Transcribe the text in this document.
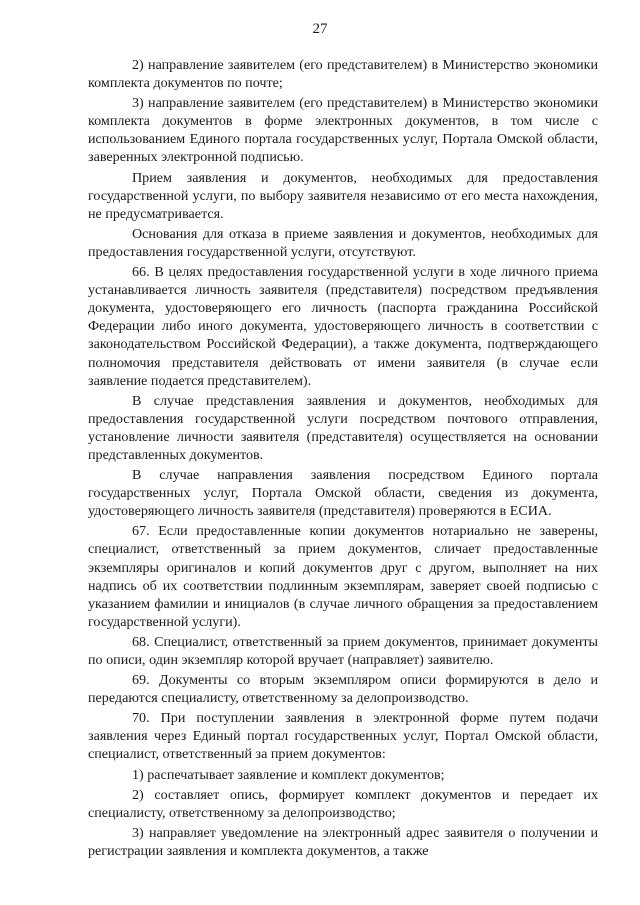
27

2) направление заявителем (его представителем) в Министерство экономики комплекта документов по почте;

3) направление заявителем (его представителем) в Министерство экономики комплекта документов в форме электронных документов, в том числе с использованием Единого портала государственных услуг, Портала Омской области, заверенных электронной подписью.

Прием заявления и документов, необходимых для предоставления государственной услуги, по выбору заявителя независимо от его места нахождения, не предусматривается.

Основания для отказа в приеме заявления и документов, необходимых для предоставления государственной услуги, отсутствуют.

66. В целях предоставления государственной услуги в ходе личного приема устанавливается личность заявителя (представителя) посредством предъявления документа, удостоверяющего его личность (паспорта гражданина Российской Федерации либо иного документа, удостоверяющего личность в соответствии с законодательством Российской Федерации), а также документа, подтверждающего полномочия представителя действовать от имени заявителя (в случае если заявление подается представителем).

В случае представления заявления и документов, необходимых для предоставления государственной услуги посредством почтового отправления, установление личности заявителя (представителя) осуществляется на основании представленных документов.

В случае направления заявления посредством Единого портала государственных услуг, Портала Омской области, сведения из документа, удостоверяющего личность заявителя (представителя) проверяются в ЕСИА.

67. Если предоставленные копии документов нотариально не заверены, специалист, ответственный за прием документов, сличает предоставленные экземпляры оригиналов и копий документов друг с другом, выполняет на них надпись об их соответствии подлинным экземплярам, заверяет своей подписью с указанием фамилии и инициалов (в случае личного обращения за предоставлением государственной услуги).

68. Специалист, ответственный за прием документов, принимает документы по описи, один экземпляр которой вручает (направляет) заявителю.

69. Документы со вторым экземпляром описи формируются в дело и передаются специалисту, ответственному за делопроизводство.

70. При поступлении заявления в электронной форме путем подачи заявления через Единый портал государственных услуг, Портал Омской области, специалист, ответственный за прием документов:

1) распечатывает заявление и комплект документов;

2) составляет опись, формирует комплект документов и передает их специалисту, ответственному за делопроизводство;

3) направляет уведомление на электронный адрес заявителя о получении и регистрации заявления и комплекта документов, а также
